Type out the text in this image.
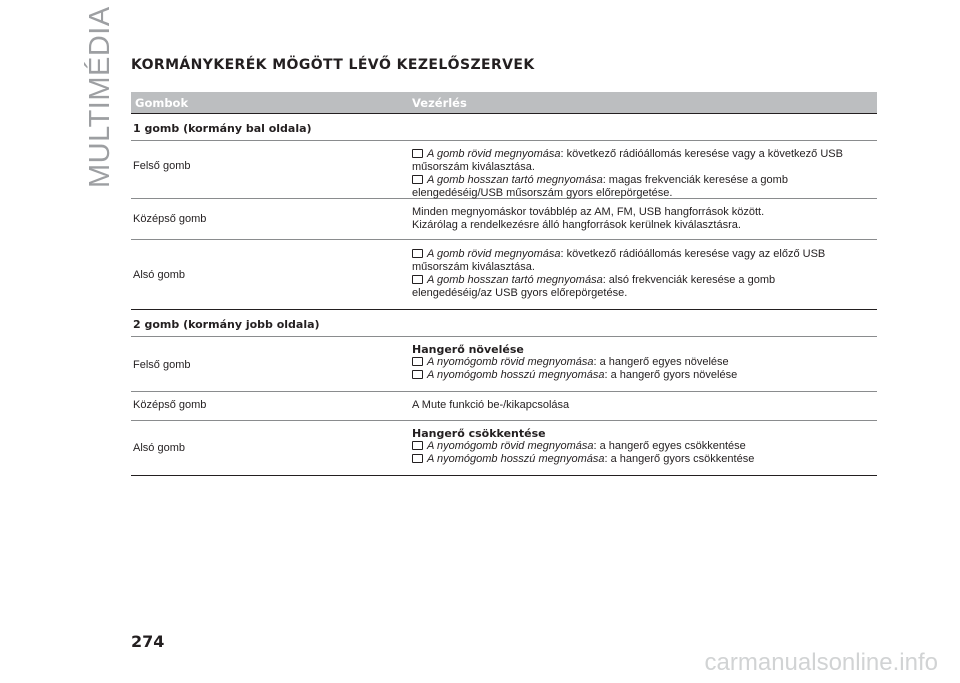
MULTIMÉDIA KORMÁNYKERÉK MÖGÖTT LÉVŐ KEZELŐSZERVEK
Gombok	Vezérlés
1 gomb (kormány bal oldala)
Felső gomb
A gomb rövid megnyomása: következő rádióállomás keresése vagy a következő USB
műsorszám kiválasztása.
A gomb hosszan tartó megnyomása: magas frekvenciák keresése a gomb
elengedéséig/USB műsorszám gyors előrepörgetése.
Középső gomb
Minden megnyomáskor továbblép az AM, FM, USB hangforrások között.
Kizárólag a rendelkezésre álló hangforrások kerülnek kiválasztásra.
Alsó gomb
A gomb rövid megnyomása: következő rádióállomás keresése vagy az előző USB
műsorszám kiválasztása.
A gomb hosszan tartó megnyomása: alsó frekvenciák keresése a gomb
elengedéséig/az USB gyors előrepörgetése.
2 gomb (kormány jobb oldala)
Felső gomb
Hangerő növelése
A nyomógomb rövid megnyomása: a hangerő egyes növelése
A nyomógomb hosszú megnyomása: a hangerő gyors növelése
Középső gomb	A Mute funkció be-/kikapcsolása
Alsó gomb
Hangerő csökkentése
A nyomógomb rövid megnyomása: a hangerő egyes csökkentése
A nyomógomb hosszú megnyomása: a hangerő gyors csökkentése
274
carmanualsonline.info
